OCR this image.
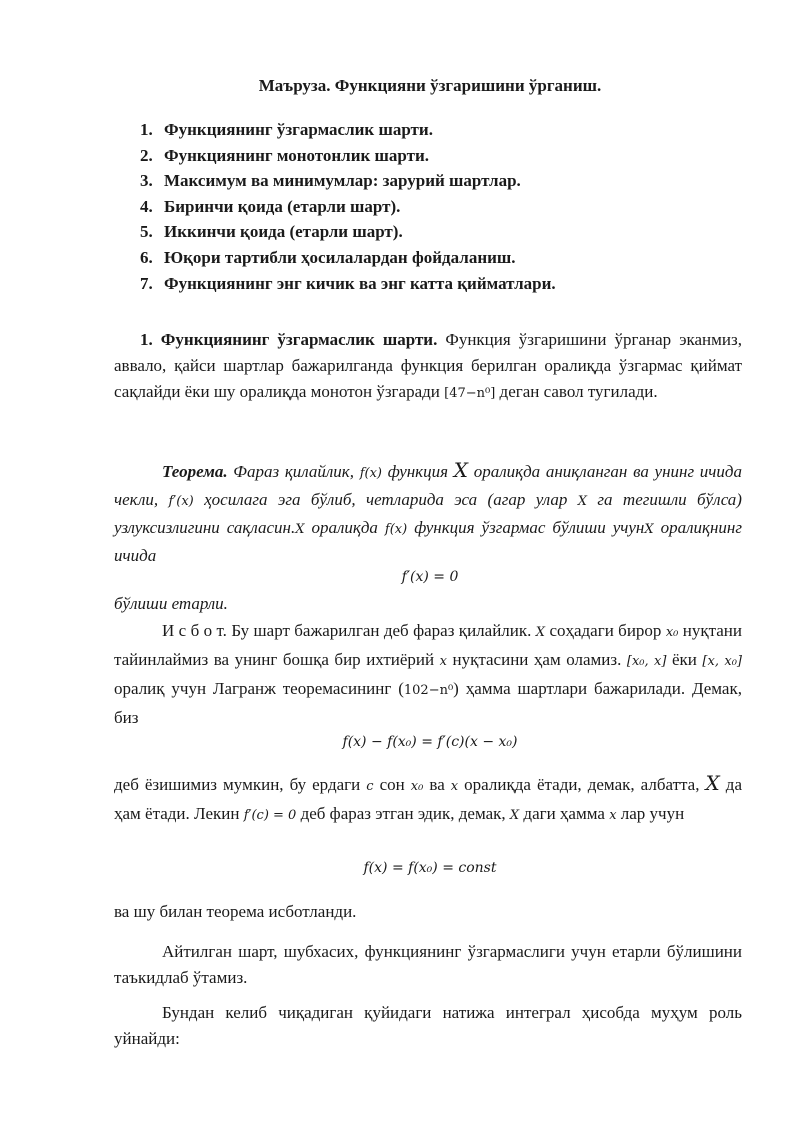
Маъруза. Функцияни ўзгаришини ўрганиш.
1. Функциянинг ўзгармаслик шарти.
2. Функциянинг монотонлик шарти.
3. Максимум ва минимумлар: зарурий шартлар.
4. Биринчи қоида (етарли шарт).
5. Иккинчи қоида (етарли шарт).
6. Юқори тартибли ҳосилалардан фойдаланиш.
7. Функциянинг энг кичик ва энг катта қийматлари.

1. Функциянинг ўзгармаслик шарти. Функция ўзгаришини ўрганар эканмиз, аввало, қайси шартлар бажарилганда функция берилган оралиқда ўзгармас қиймат сақлайди ёки шу оралиқда монотон ўзгаради [47−n⁰] деган савол тугилади.

Теорема. Фараз қилайлик, f(x) функция X оралиқда аниқланган ва унинг ичида чекли, f′(x) ҳосилага эга бўлиб, четларида эса (агар улар X га тегишли бўлса) узлуксизлигини сақласин.X оралиқда f(x) функция ўзгармас бўлиши учунX оралиқнинг ичида

f′(x) = 0

бўлиши етарли.

И с б о т. Бу шарт бажарилган деб фараз қилайлик. X соҳадаги бирор x₀ нуқтани тайинлаймиз ва унинг бошқа бир ихтиёрий x нуқтасини ҳам оламиз. [x₀, x] ёки [x, x₀] оралиқ учун Лагранж теоремасининг (102−n⁰) ҳамма шартлари бажарилади. Демак, биз

f(x) − f(x₀) = f′(c)(x − x₀)

деб ёзишимиз мумкин, бу ердаги c сон x₀ ва x оралиқда ётади, демак, албатта, X да ҳам ётади. Лекин f′(c) = 0 деб фараз этган эдик, демак, X даги ҳамма x лар учун

f(x) = f(x₀) = const

ва шу билан теорема исботланди.

Айтилган шарт, шубхасих, функциянинг ўзгармаслиги учун етарли бўлишини таъкидлаб ўтамиз.

Бундан келиб чиқадиган қуйидаги натижа интеграл ҳисобда муҳум роль уйнайди:
